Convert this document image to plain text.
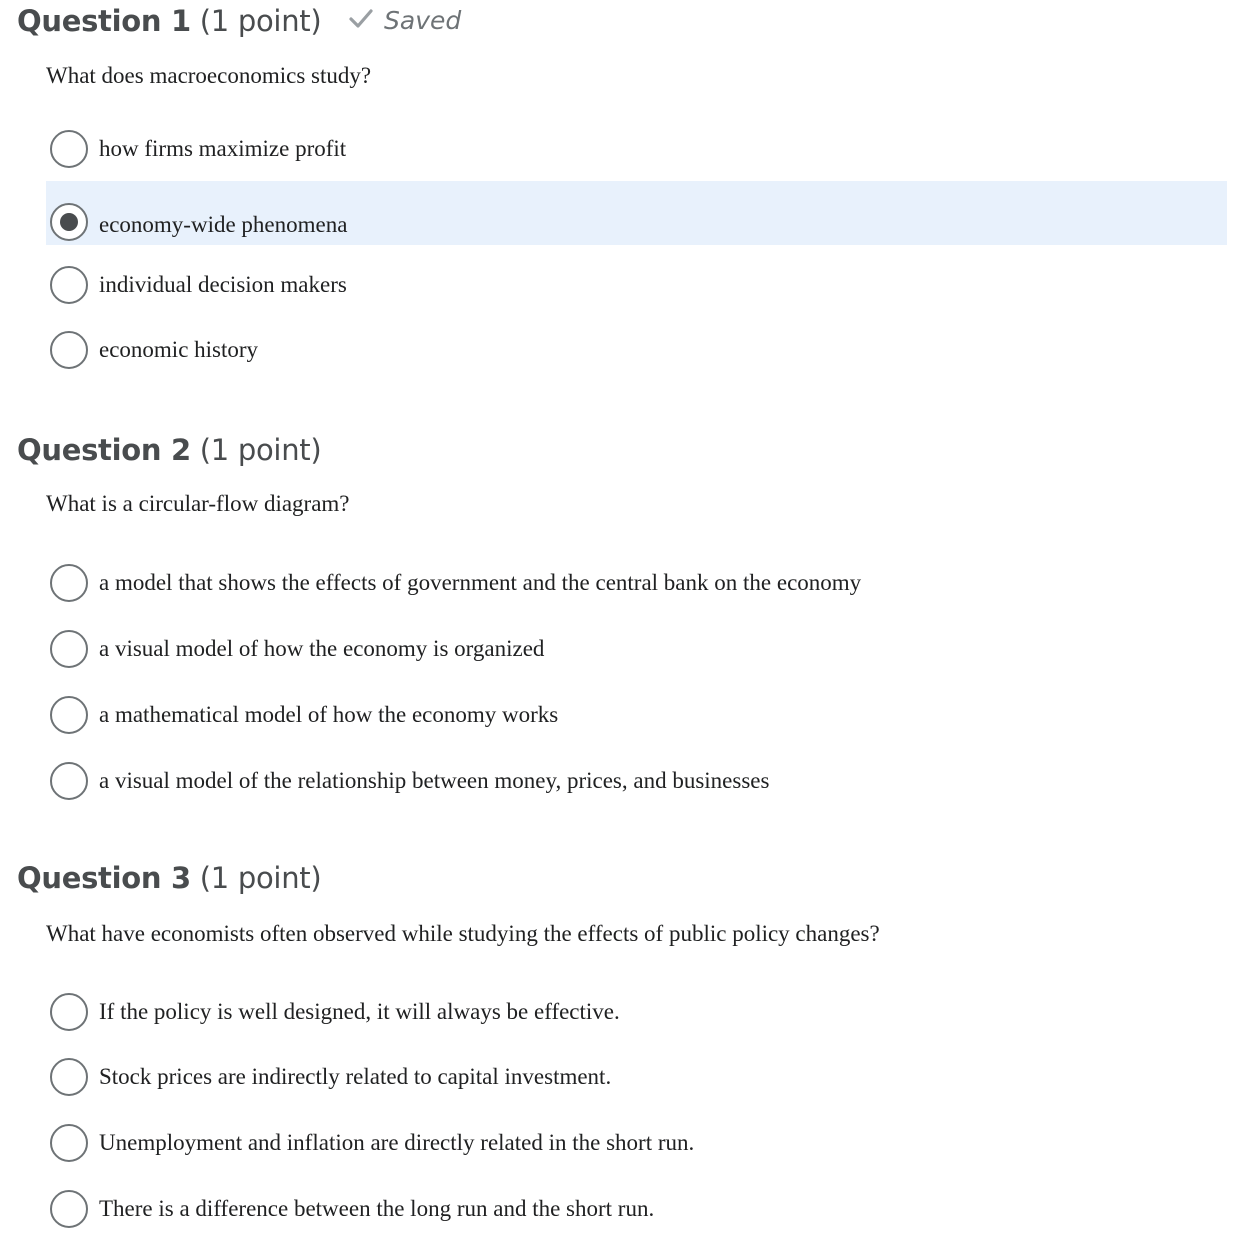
Question 1 (1 point)	Saved
What does macroeconomics study?
how firms maximize profit
economy-wide phenomena
individual decision makers
economic history
Question 2 (1 point)
What is a circular-flow diagram?
a model that shows the effects of government and the central bank on the economy
a visual model of how the economy is organized
a mathematical model of how the economy works
a visual model of the relationship between money, prices, and businesses
Question 3 (1 point)
What have economists often observed while studying the effects of public policy changes?
If the policy is well designed, it will always be effective.
Stock prices are indirectly related to capital investment.
Unemployment and inflation are directly related in the short run.
There is a difference between the long run and the short run.
